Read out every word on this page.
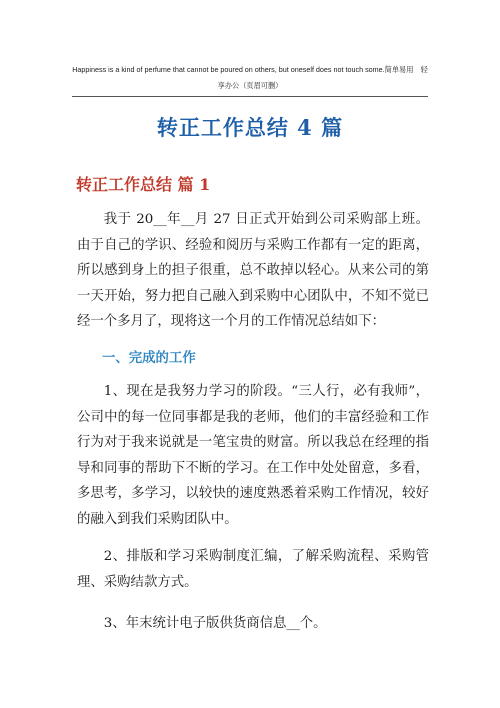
Happiness is a kind of perfume that cannot be poured on others, but oneself does not touch some.简单易用　轻
享办公（页眉可删）
转正工作总结 4 篇
转正工作总结 篇 1
我于 20__年__月 27 日正式开始到公司采购部上班。由于自己的学识、经验和阅历与采购工作都有一定的距离，所以感到身上的担子很重，总不敢掉以轻心。从来公司的第一天开始，努力把自己融入到采购中心团队中，不知不觉已经一个多月了，现将这一个月的工作情况总结如下：
一、完成的工作
1、现在是我努力学习的阶段。“三人行，必有我师”，公司中的每一位同事都是我的老师，他们的丰富经验和工作行为对于我来说就是一笔宝贵的财富。所以我总在经理的指导和同事的帮助下不断的学习。在工作中处处留意，多看，多思考，多学习，以较快的速度熟悉着采购工作情况，较好的融入到我们采购团队中。
2、排版和学习采购制度汇编，了解采购流程、采购管理、采购结款方式。
3、年末统计电子版供货商信息__个。
